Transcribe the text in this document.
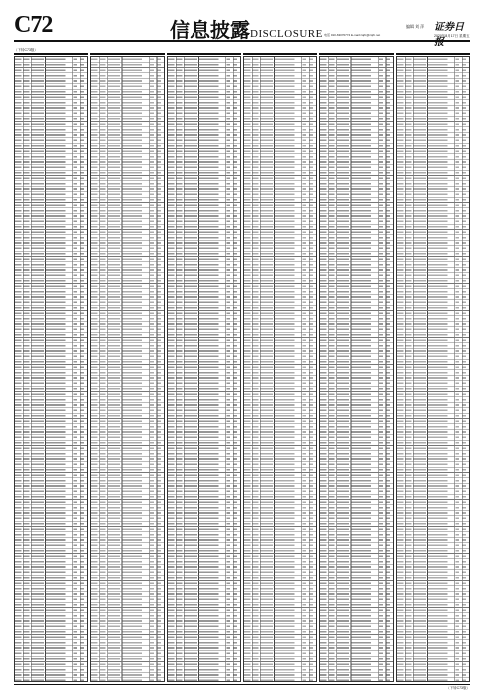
C72	信息披露DISCLOSURE 电话 010-63070774 E-mail:zqrb@zqrb.net
编辑 刘 萍 证券日报
2020年8月17日 星期五
（下转C73版）
（下转C73版）
